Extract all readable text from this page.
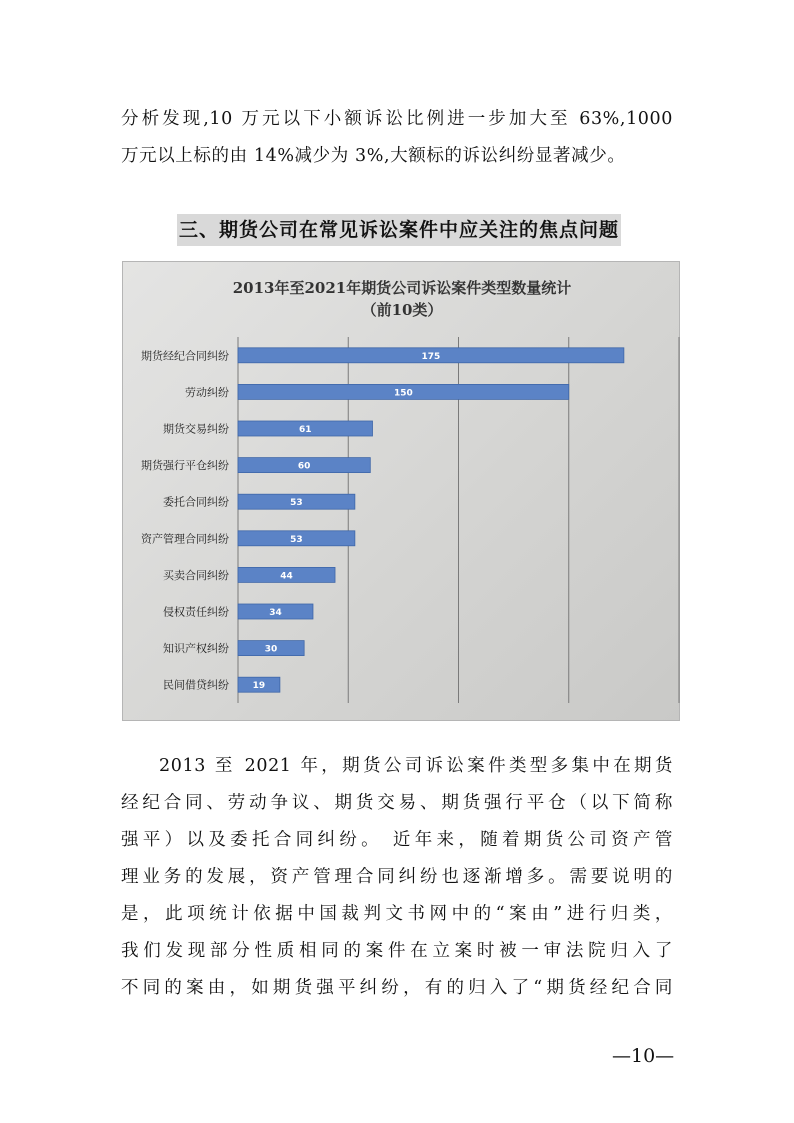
分析发现,10 万元以下小额诉讼比例进一步加大至 63%,1000
万元以上标的由 14%减少为 3%,大额标的诉讼纠纷显著减少。
三、期货公司在常见诉讼案件中应关注的焦点问题
2013年至2021年期货公司诉讼案件类型数量统计
（前10类）
175
150
61
60
53
53
44
34
30
19
期货经纪合同纠纷
劳动纠纷
期货交易纠纷
期货强行平仓纠纷
委托合同纠纷
资产管理合同纠纷
买卖合同纠纷
侵权责任纠纷
知识产权纠纷
民间借贷纠纷
2013 至 2021 年，期货公司诉讼案件类型多集中在期货
经纪合同、劳动争议、期货交易、期货强行平仓（以下简称
强平）以及委托合同纠纷。 近年来，随着期货公司资产管
理业务的发展，资产管理合同纠纷也逐渐增多。需要说明的
是，此项统计依据中国裁判文书网中的“案由”进行归类，
我们发现部分性质相同的案件在立案时被一审法院归入了
不同的案由，如期货强平纠纷，有的归入了“期货经纪合同
—10—
